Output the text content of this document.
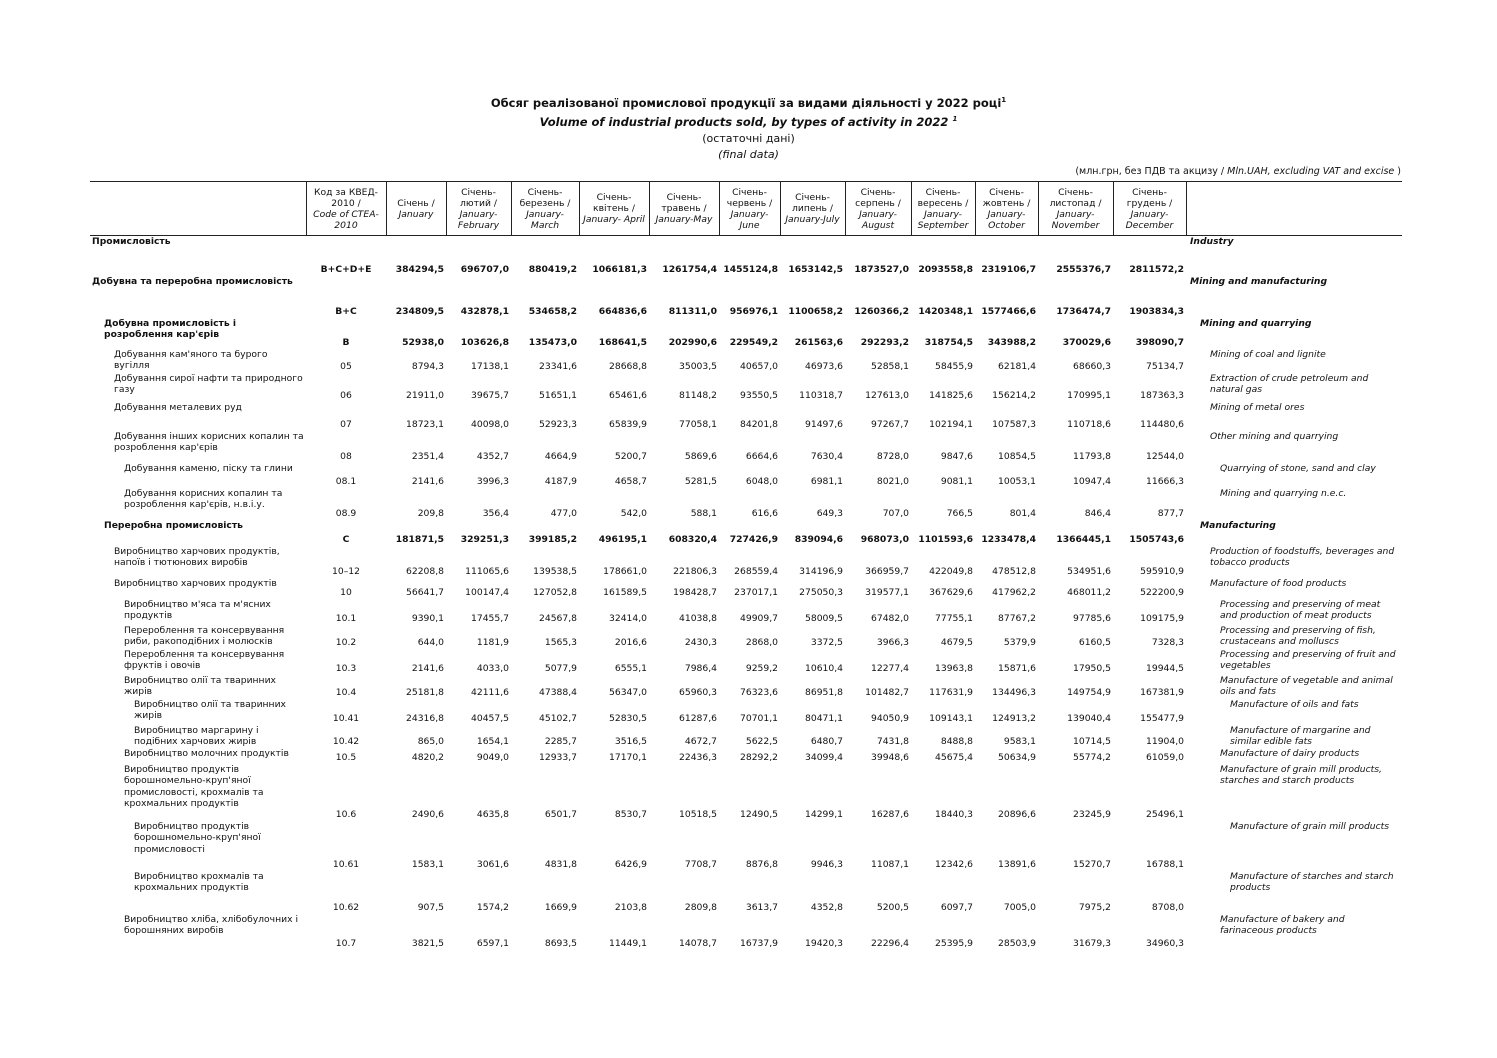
Обсяг реалізованої промислової продукції за видами діяльності у 2022 році$^1$
Volume of industrial products sold, by types of activity in 2022 $^1$
(остаточні дані)
(final data)
(млн.грн, без ПДВ та акцизу / Mln.UAH, excluding VAT and excise )

	Код за КВЕД-
2010 /
Code of CTEA-
2010	Січень /
January	Січень-
лютий /
January-
February	Січень-
березень /
January-
March	Січень-
квітень /
January- April	Січень-
травень /
January-May	Січень-
червень /
January-
June	Січень-
липень /
January-July	Січень-
серпень /
January-
August	Січень-
вересень /
January-
September	Січень-
жовтень /
January-
October	Січень-
листопад /
January-
November	Січень-
грудень /
January-
December	

Промисловість	B+C+D+E	384294,5	696707,0	880419,2	1066181,3	1261754,4	1455124,8	1653142,5	1873527,0	2093558,8	2319106,7	2555376,7	2811572,2	Industry
Добувна та переробна промисловість	B+C	234809,5	432878,1	534658,2	664836,6	811311,0	956976,1	1100658,2	1260366,2	1420348,1	1577466,6	1736474,7	1903834,3	Mining and manufacturing
Добувна промисловість і розроблення кар'єрів	B	52938,0	103626,8	135473,0	168641,5	202990,6	229549,2	261563,6	292293,2	318754,5	343988,2	370029,6	398090,7	Mining and quarrying
Добування кам'яного та бурого вугілля	05	8794,3	17138,1	23341,6	28668,8	35003,5	40657,0	46973,6	52858,1	58455,9	62181,4	68660,3	75134,7	Mining of coal and lignite
Добування сирої нафти та природного газу	06	21911,0	39675,7	51651,1	65461,6	81148,2	93550,5	110318,7	127613,0	141825,6	156214,2	170995,1	187363,3	Extraction of crude petroleum and natural gas
Добування металевих руд	07	18723,1	40098,0	52923,3	65839,9	77058,1	84201,8	91497,6	97267,7	102194,1	107587,3	110718,6	114480,6	Mining of metal ores
Добування інших корисних копалин та розроблення кар'єрів	08	2351,4	4352,7	4664,9	5200,7	5869,6	6664,6	7630,4	8728,0	9847,6	10854,5	11793,8	12544,0	Other mining and quarrying
Добування каменю, піску та глини	08.1	2141,6	3996,3	4187,9	4658,7	5281,5	6048,0	6981,1	8021,0	9081,1	10053,1	10947,4	11666,3	Quarrying of stone, sand and clay
Добування корисних копалин та розроблення кар'єрів, н.в.і.у.	08.9	209,8	356,4	477,0	542,0	588,1	616,6	649,3	707,0	766,5	801,4	846,4	877,7	Mining and quarrying n.e.c.
Переробна промисловість	C	181871,5	329251,3	399185,2	496195,1	608320,4	727426,9	839094,6	968073,0	1101593,6	1233478,4	1366445,1	1505743,6	Manufacturing
Виробництво харчових продуктів, напоїв і тютюнових виробів	10–12	62208,8	111065,6	139538,5	178661,0	221806,3	268559,4	314196,9	366959,7	422049,8	478512,8	534951,6	595910,9	Production of foodstuffs, beverages and tobacco products
Виробництво харчових продуктів	10	56641,7	100147,4	127052,8	161589,5	198428,7	237017,1	275050,3	319577,1	367629,6	417962,2	468011,2	522200,9	Manufacture of food products
Виробництво м'яса та м'ясних продуктів	10.1	9390,1	17455,7	24567,8	32414,0	41038,8	49909,7	58009,5	67482,0	77755,1	87767,2	97785,6	109175,9	Processing and preserving of meat and production of meat products
Перероблення та консервування риби, ракоподібних і молюсків	10.2	644,0	1181,9	1565,3	2016,6	2430,3	2868,0	3372,5	3966,3	4679,5	5379,9	6160,5	7328,3	Processing and preserving of fish, crustaceans and molluscs
Перероблення та консервування фруктів і овочів	10.3	2141,6	4033,0	5077,9	6555,1	7986,4	9259,2	10610,4	12277,4	13963,8	15871,6	17950,5	19944,5	Processing and preserving of fruit and vegetables
Виробництво олії та тваринних жирів	10.4	25181,8	42111,6	47388,4	56347,0	65960,3	76323,6	86951,8	101482,7	117631,9	134496,3	149754,9	167381,9	Manufacture of vegetable and animal oils and fats
Виробництво олії та тваринних жирів	10.41	24316,8	40457,5	45102,7	52830,5	61287,6	70701,1	80471,1	94050,9	109143,1	124913,2	139040,4	155477,9	Manufacture of oils and fats
Виробництво маргарину і подібних харчових жирів	10.42	865,0	1654,1	2285,7	3516,5	4672,7	5622,5	6480,7	7431,8	8488,8	9583,1	10714,5	11904,0	Manufacture of margarine and similar edible fats
Виробництво молочних продуктів	10.5	4820,2	9049,0	12933,7	17170,1	22436,3	28292,2	34099,4	39948,6	45675,4	50634,9	55774,2	61059,0	Manufacture of dairy products
Виробництво продуктів борошномельно-круп'яної промисловості, крохмалів та крохмальних продуктів	10.6	2490,6	4635,8	6501,7	8530,7	10518,5	12490,5	14299,1	16287,6	18440,3	20896,6	23245,9	25496,1	Manufacture of grain mill products, starches and starch products
Виробництво продуктів борошномельно-круп'яної промисловості	10.61	1583,1	3061,6	4831,8	6426,9	7708,7	8876,8	9946,3	11087,1	12342,6	13891,6	15270,7	16788,1	Manufacture of grain mill products
Виробництво крохмалів та крохмальних продуктів	10.62	907,5	1574,2	1669,9	2103,8	2809,8	3613,7	4352,8	5200,5	6097,7	7005,0	7975,2	8708,0	Manufacture of starches and starch products
Виробництво хліба, хлібобулочних і борошняних виробів	10.7	3821,5	6597,1	8693,5	11449,1	14078,7	16737,9	19420,3	22296,4	25395,9	28503,9	31679,3	34960,3	Manufacture of bakery and farinaceous products
